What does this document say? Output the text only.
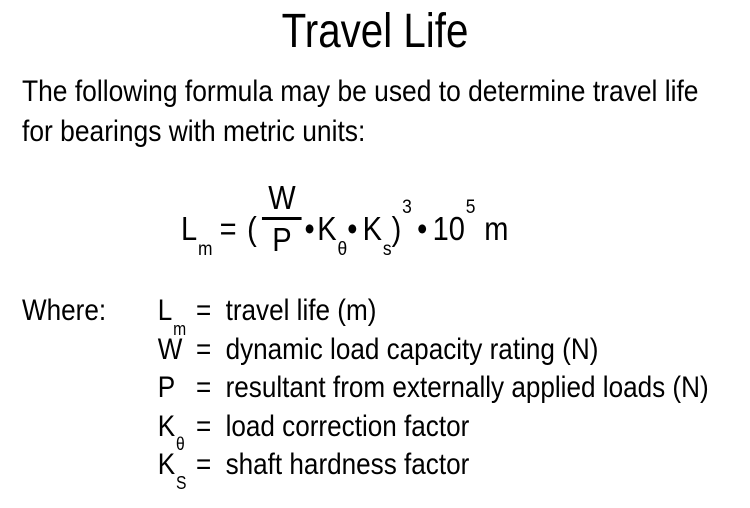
Travel Life
The following formula may be used to determine travel life
for bearings with metric units:
$L_m$
= ( $\frac{W}{P}$ • $K_\theta$
• $K_s$
)$^3$
• $10^5$
m
Where: $L_m$
= travel life (m)
W = dynamic load capacity rating (N)
P = resultant from externally applied loads (N)
$K_\theta$
= load correction factor
$K_S$
= shaft hardness factor
